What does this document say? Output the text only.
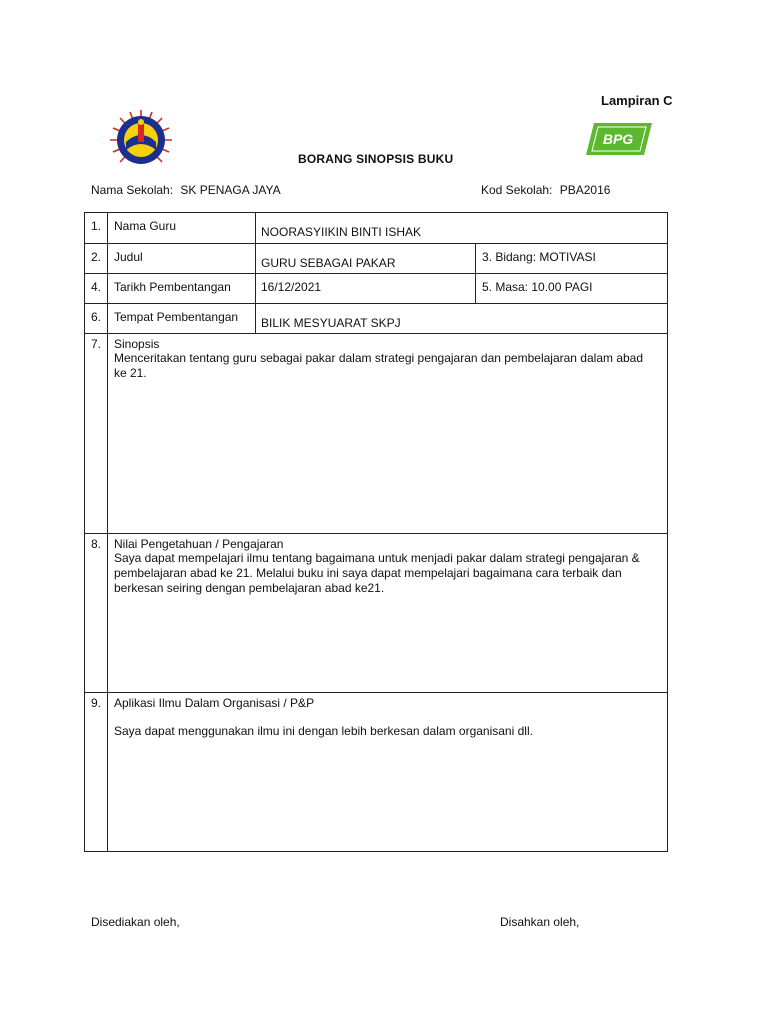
Lampiran C
BPG
BORANG SINOPSIS BUKU
Nama Sekolah: SK PENAGA JAYA	Kod Sekolah: PBA2016
1.	Nama Guru	NOORASYIIKIN BINTI ISHAK	
2.	Judul	GURU SEBAGAI PAKAR	3. Bidang: MOTIVASI
4.	Tarikh Pembentangan	16/12/2021	5. Masa: 10.00 PAGI
6.	Tempat Pembentangan	BILIK MESYUARAT SKPJ	
7.	Sinopsis
Menceritakan tentang guru sebagai pakar dalam strategi pengajaran dan pembelajaran dalam abad ke 21.		

8.	Nilai Pengetahuan / Pengajaran
Saya dapat mempelajari ilmu tentang bagaimana untuk menjadi pakar dalam strategi pengajaran & pembelajaran abad ke 21. Melalui buku ini saya dapat mempelajari bagaimana cara terbaik dan berkesan seiring dengan pembelajaran abad ke21.		

9.	Aplikasi Ilmu Dalam Organisasi / P&P
Saya dapat menggunakan ilmu ini dengan lebih berkesan dalam organisani dll.		
Disediakan oleh,	Disahkan oleh,
